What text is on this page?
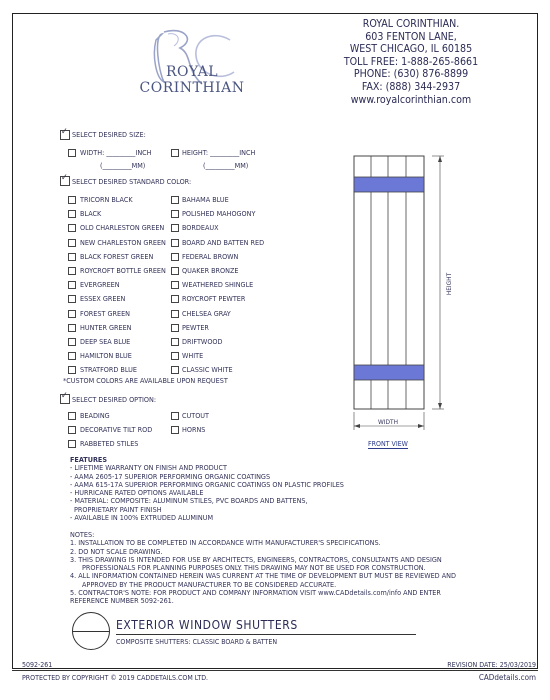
ROYAL CORINTHIAN
ROYAL CORINTHIAN.
603 FENTON LANE,
WEST CHICAGO, IL 60185
TOLL FREE: 1-888-265-8661
PHONE: (630) 876-8899
FAX: (888) 344-2937
www.royalcorinthian.com
✓
SELECT DESIRED SIZE:
WIDTH: _________INCH
(_________MM)
HEIGHT: _________INCH
(_________MM)
✓
SELECT DESIRED STANDARD COLOR:
TRICORN BLACK
BLACK
OLD CHARLESTON GREEN
NEW CHARLESTON GREEN
BLACK FOREST GREEN
ROYCROFT BOTTLE GREEN
EVERGREEN
ESSEX GREEN
FOREST GREEN
HUNTER GREEN
DEEP SEA BLUE
HAMILTON BLUE
STRATFORD BLUE
BAHAMA BLUE
POLISHED MAHOGONY
BORDEAUX
BOARD AND BATTEN RED
FEDERAL BROWN
QUAKER BRONZE
WEATHERED SHINGLE
ROYCROFT PEWTER
CHELSEA GRAY
PEWTER
DRIFTWOOD
WHITE
CLASSIC WHITE
*CUSTOM COLORS ARE AVAILABLE UPON REQUEST
✓
SELECT DESIRED OPTION:
BEADING
DECORATIVE TILT ROD
RABBETED STILES
CUTOUT
HORNS
WIDTH
HEIGHT
FRONT VIEW
FEATURES
- LIFETIME WARRANTY ON FINISH AND PRODUCT
- AAMA 2605-17 SUPERIOR PERFORMING ORGANIC COATINGS
- AAMA 615-17A SUPERIOR PERFORMING ORGANIC COATINGS ON PLASTIC PROFILES
- HURRICANE RATED OPTIONS AVAILABLE
- MATERIAL: COMPOSITE: ALUMINUM STILES, PVC BOARDS AND BATTENS,
PROPRIETARY PAINT FINISH
- AVAILABLE IN 100% EXTRUDED ALUMINUM
NOTES:
1. INSTALLATION TO BE COMPLETED IN ACCORDANCE WITH MANUFACTURER'S SPECIFICATIONS.
2. DO NOT SCALE DRAWING.
3. THIS DRAWING IS INTENDED FOR USE BY ARCHITECTS, ENGINEERS, CONTRACTORS, CONSULTANTS AND DESIGN
PROFESSIONALS FOR PLANNING PURPOSES ONLY. THIS DRAWING MAY NOT BE USED FOR CONSTRUCTION.
4. ALL INFORMATION CONTAINED HEREIN WAS CURRENT AT THE TIME OF DEVELOPMENT BUT MUST BE REVIEWED AND
APPROVED BY THE PRODUCT MANUFACTURER TO BE CONSIDERED ACCURATE.
5. CONTRACTOR'S NOTE: FOR PRODUCT AND COMPANY INFORMATION VISIT www.CADdetails.com/info AND ENTER
REFERENCE NUMBER 5092-261.
EXTERIOR WINDOW SHUTTERS
COMPOSITE SHUTTERS: CLASSIC BOARD & BATTEN
5092-261	REVISION DATE: 25/03/2019
PROTECTED BY COPYRIGHT © 2019 CADDETAILS.COM LTD.	CADdetails.com
